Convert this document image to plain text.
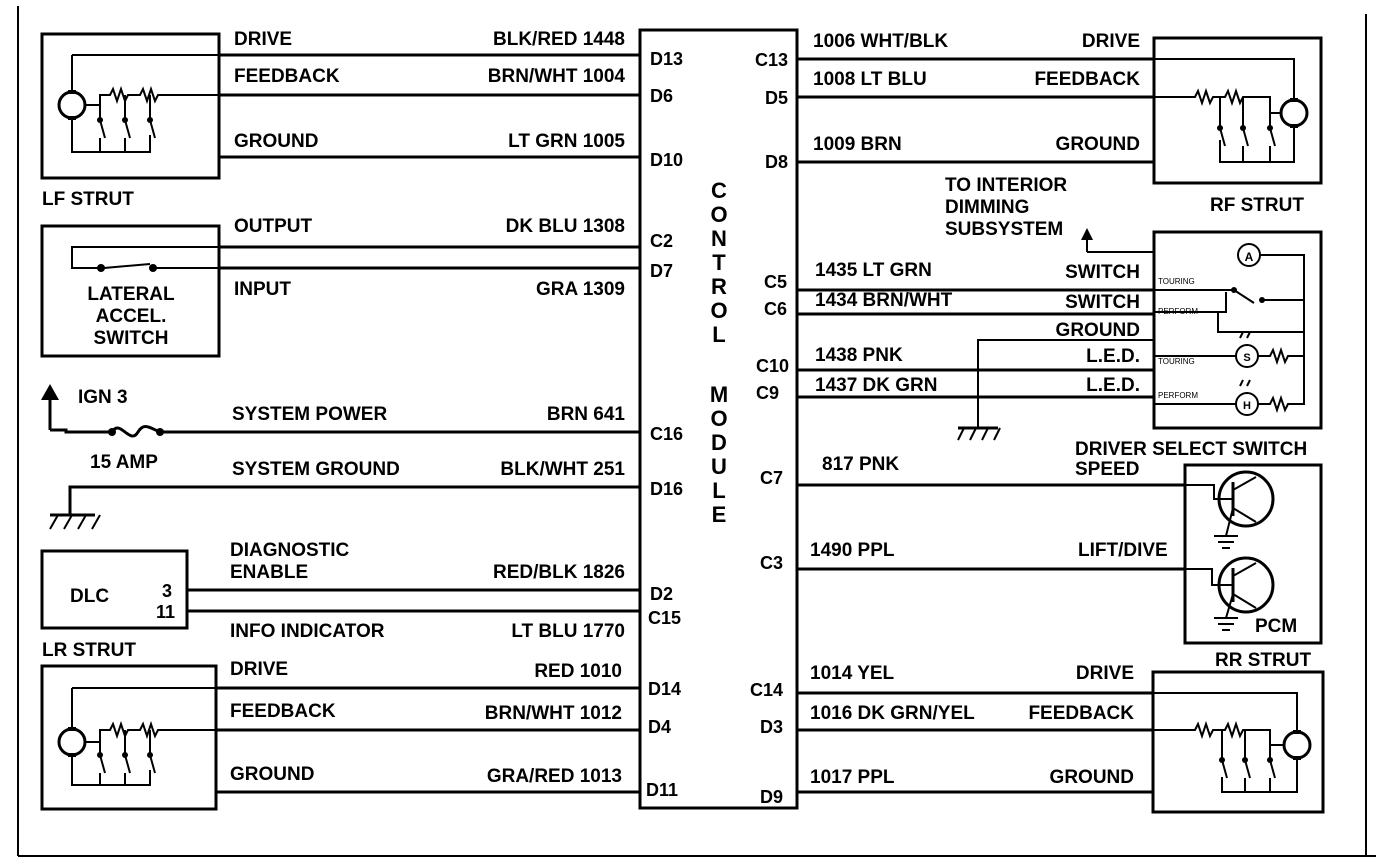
C
O
N
T
R
O
L
M
O
D
U
L
E
LF STRUT
DRIVE	BLK/RED 1448
D13
FEEDBACK	BRN/WHT 1004
D6
GROUND	LT GRN 1005
D10
LATERAL
ACCEL.
SWITCH
OUTPUT	DK BLU 1308
C2
INPUT	GRA 1309
D7
IGN 3
15 AMP
SYSTEM POWER	BRN 641
C16
SYSTEM GROUND	BLK/WHT 251
D16
DLC	3
11
DIAGNOSTIC
ENABLE	RED/BLK 1826
D2
INFO INDICATOR	LT BLU 1770
C15
LR STRUT
DRIVE	RED 1010
D14
FEEDBACK	BRN/WHT 1012
D4
GROUND	GRA/RED 1013
D11
RF STRUT
C13
1006 WHT/BLK	DRIVE
D5
1008 LT BLU	FEEDBACK
D8
1009 BRN	GROUND
TO INTERIOR
DIMMING
SUBSYSTEM
DRIVER SELECT SWITCH
A
TOURING
PERFORM
S
H
TOURING
PERFORM
C5
1435 LT GRN	SWITCH
C6 1434 BRN/WHT	SWITCH
GROUND
C10 1438 PNK	L.E.D.
C9 1437 DK GRN	L.E.D.
PCM
C7
817 PNK	SPEED
C3
1490 PPL	LIFT/DIVE
RR STRUT
C14
1014 YEL	DRIVE
D3
1016 DK GRN/YEL	FEEDBACK
D9
1017 PPL	GROUND
